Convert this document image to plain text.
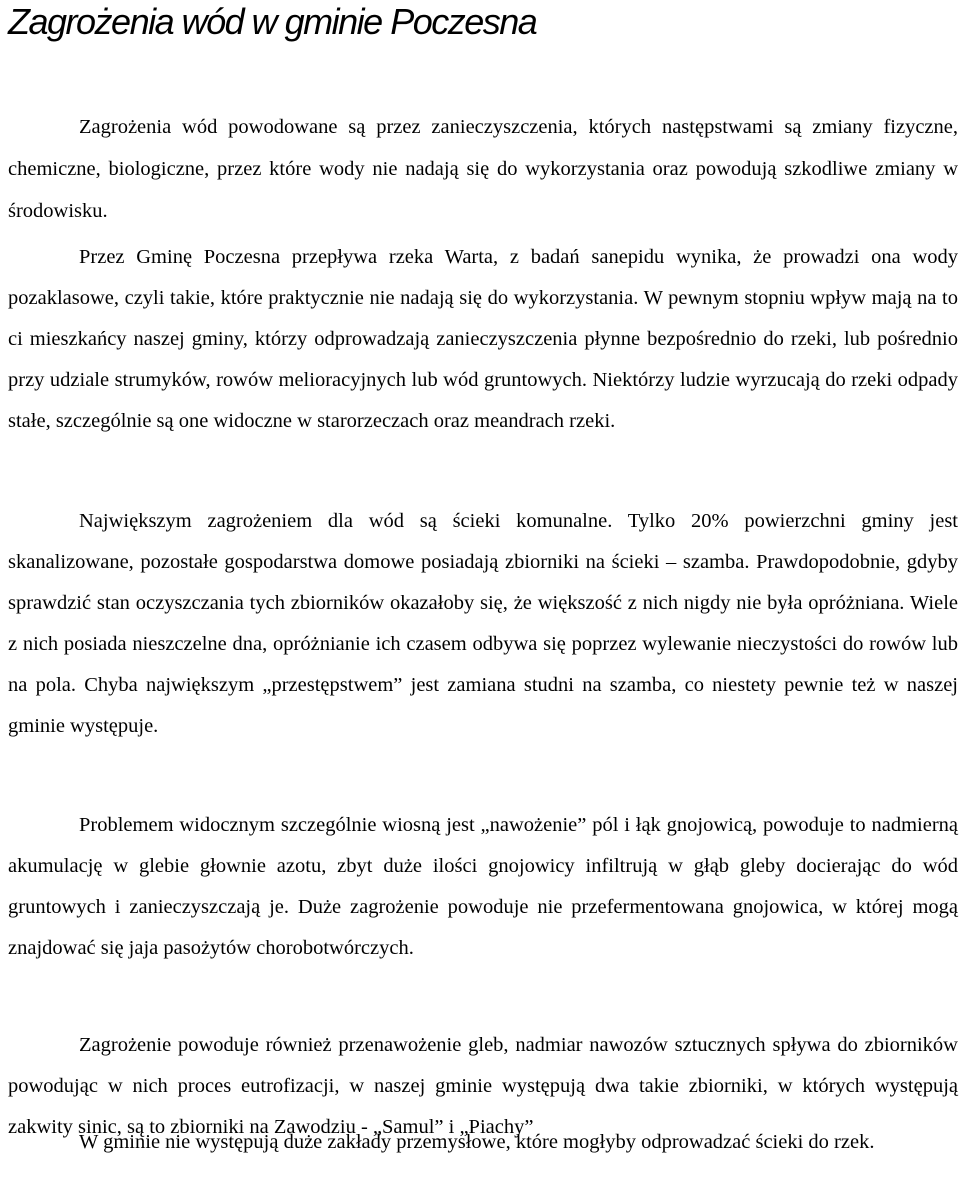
Zagrożenia wód w gminie Poczesna

Zagrożenia wód powodowane są przez zanieczyszczenia, których następstwami są zmiany fizyczne, chemiczne, biologiczne, przez które wody nie nadają się do wykorzystania oraz powodują szkodliwe zmiany w środowisku.

Przez Gminę Poczesna przepływa rzeka Warta, z badań sanepidu wynika, że prowadzi ona wody pozaklasowe, czyli takie, które praktycznie nie nadają się do wykorzystania. W pewnym stopniu wpływ mają na to ci mieszkańcy naszej gminy, którzy odprowadzają zanieczyszczenia płynne bezpośrednio do rzeki, lub pośrednio przy udziale strumyków, rowów melioracyjnych lub wód gruntowych. Niektórzy ludzie wyrzucają do rzeki odpady stałe, szczególnie są one widoczne w starorzeczach oraz meandrach rzeki.

Największym zagrożeniem dla wód są ścieki komunalne. Tylko 20% powierzchni gminy jest skanalizowane, pozostałe gospodarstwa domowe posiadają zbiorniki na ścieki – szamba. Prawdopodobnie, gdyby sprawdzić stan oczyszczania tych zbiorników okazałoby się, że większość z nich nigdy nie była opróżniana. Wiele z nich posiada nieszczelne dna, opróżnianie ich czasem odbywa się poprzez wylewanie nieczystości do rowów lub na pola. Chyba największym „przestępstwem” jest zamiana studni na szamba, co niestety pewnie też w naszej gminie występuje.

Problemem widocznym szczególnie wiosną jest „nawożenie” pól i łąk gnojowicą, powoduje to nadmierną akumulację w glebie głownie azotu, zbyt duże ilości gnojowicy infiltrują w głąb gleby docierając do wód gruntowych i zanieczyszczają je. Duże zagrożenie powoduje nie przefermentowana gnojowica, w której mogą znajdować się jaja pasożytów chorobotwórczych.

Zagrożenie powoduje również przenawożenie gleb, nadmiar nawozów sztucznych spływa do zbiorników powodując w nich proces eutrofizacji, w naszej gminie występują dwa takie zbiorniki, w których występują zakwity sinic, są to zbiorniki na Zawodziu - „Samul” i „Piachy”

W gminie nie występują duże zakłady przemysłowe, które mogłyby odprowadzać ścieki do rzek.
